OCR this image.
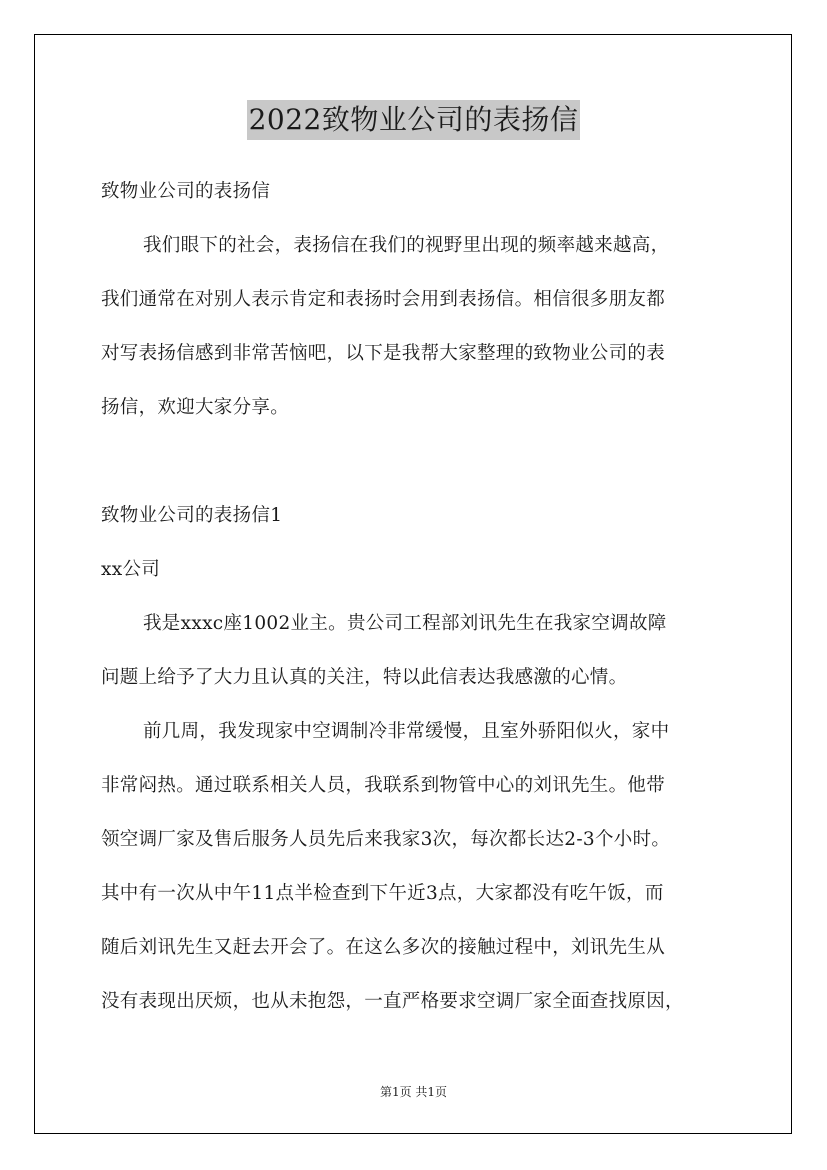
2022致物业公司的表扬信
致物业公司的表扬信
我们眼下的社会，表扬信在我们的视野里出现的频率越来越高，
我们通常在对别人表示肯定和表扬时会用到表扬信。相信很多朋友都
对写表扬信感到非常苦恼吧，以下是我帮大家整理的致物业公司的表
扬信，欢迎大家分享。
致物业公司的表扬信1
xx公司
我是xxxc座1002业主。贵公司工程部刘讯先生在我家空调故障
问题上给予了大力且认真的关注，特以此信表达我感激的心情。
前几周，我发现家中空调制冷非常缓慢，且室外骄阳似火，家中
非常闷热。通过联系相关人员，我联系到物管中心的刘讯先生。他带
领空调厂家及售后服务人员先后来我家3次，每次都长达2-3个小时。
其中有一次从中午11点半检查到下午近3点，大家都没有吃午饭，而
随后刘讯先生又赶去开会了。在这么多次的接触过程中，刘讯先生从
没有表现出厌烦，也从未抱怨，一直严格要求空调厂家全面查找原因，
第1页 共1页
